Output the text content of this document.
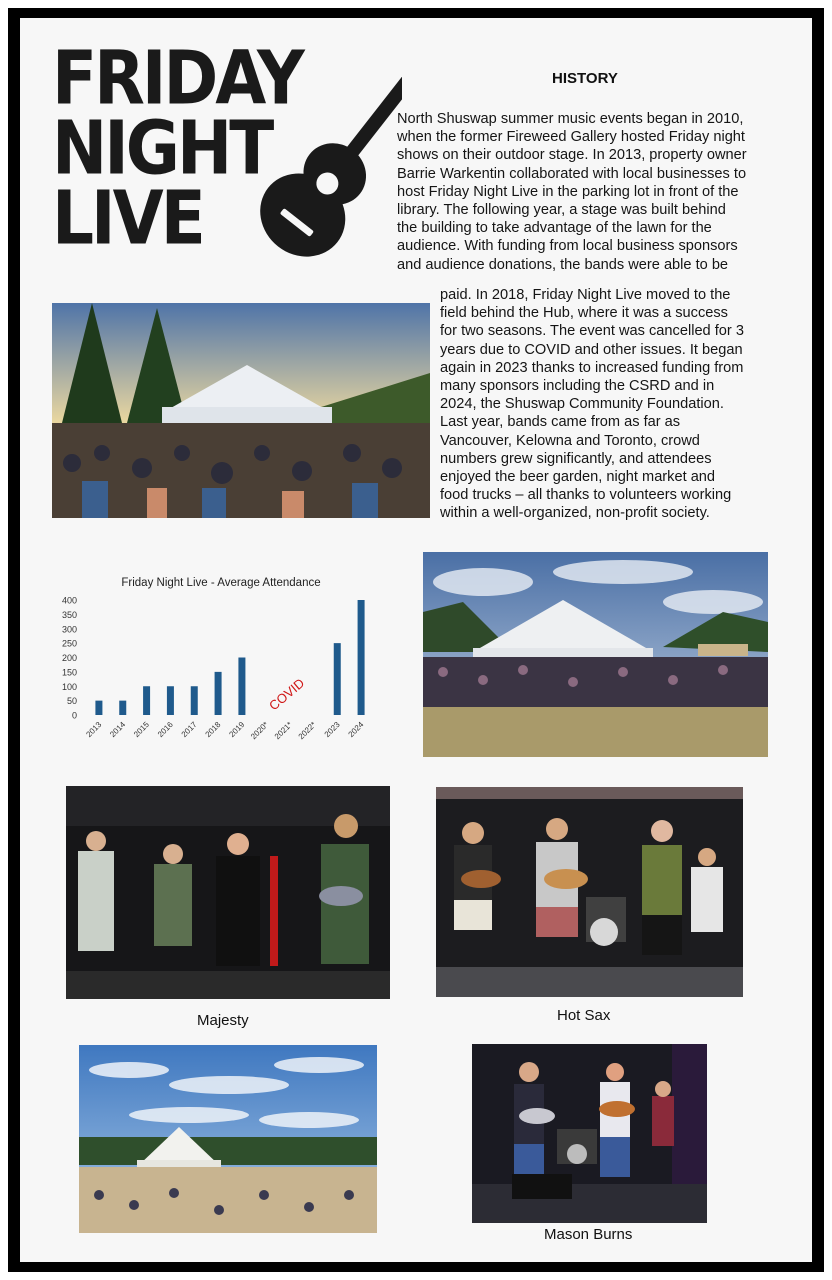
FRIDAY
NIGHT
LIVE
HISTORY
North Shuswap summer music events began in 2010,
when the former Fireweed Gallery hosted Friday night
shows on their outdoor stage. In 2013, property owner
Barrie Warkentin collaborated with local businesses to
host Friday Night Live in the parking lot in front of the
library. The following year, a stage was built behind
the building to take advantage of the lawn for the
audience. With funding from local business sponsors
and audience donations, the bands were able to be
paid. In 2018, Friday Night Live moved to the
field behind the Hub, where it was a success
for two seasons. The event was cancelled for 3
years due to COVID and other issues. It began
again in 2023 thanks to increased funding from
many sponsors including the CSRD and in
2024, the Shuswap Community Foundation.
Last year, bands came from as far as
Vancouver, Kelowna and Toronto, crowd
numbers grew significantly, and attendees
enjoyed the beer garden, night market and
food trucks – all thanks to volunteers working
within a well-organized, non-profit society.
Friday Night Live - Average Attendance
0
50
100
150
200
250
300
350
400
2013 2014 2015 2016 2017 2018 2019 2020* 2021* 2022* 2023 2024
COVID
Majesty	Hot Sax
Mason Burns
